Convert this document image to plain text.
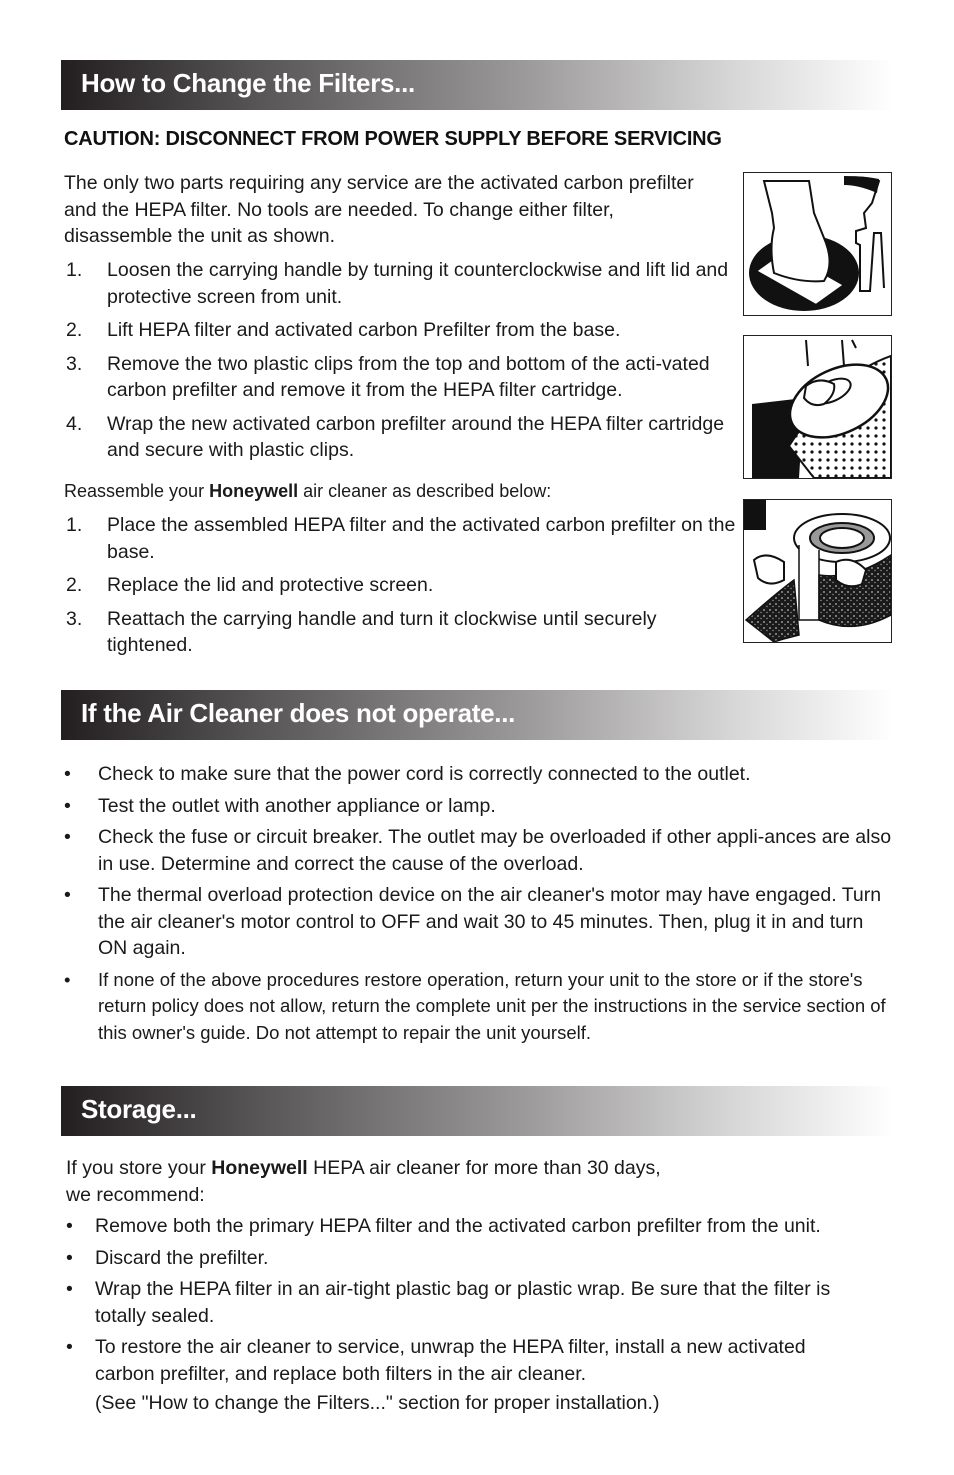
How to Change the Filters...

CAUTION: DISCONNECT FROM POWER SUPPLY BEFORE SERVICING

The only two parts requiring any service are the activated carbon prefilter and the HEPA filter. No tools are needed. To change either filter, disassemble the unit as shown.

1. Loosen the carrying handle by turning it counterclockwise and lift lid and protective screen from unit.
2. Lift HEPA filter and activated carbon Prefilter from the base.
3. Remove the two plastic clips from the top and bottom of the acti-vated carbon prefilter and remove it from the HEPA filter cartridge.
4. Wrap the new activated carbon prefilter around the HEPA filter cartridge and secure with plastic clips.

Reassemble your Honeywell air cleaner as described below:

1. Place the assembled HEPA filter and the activated carbon prefilter on the base.
2. Replace the lid and protective screen.
3. Reattach the carrying handle and turn it clockwise until securely tightened.
If the Air Cleaner does not operate...
• Check to make sure that the power cord is correctly connected to the outlet.
• Test the outlet with another appliance or lamp.
• Check the fuse or circuit breaker. The outlet may be overloaded if other appli-ances are also in use. Determine and correct the cause of the overload.
• The thermal overload protection device on the air cleaner's motor may have engaged. Turn the air cleaner's motor control to OFF and wait 30 to 45 minutes. Then, plug it in and turn ON again.
• If none of the above procedures restore operation, return your unit to the store or if the store's return policy does not allow, return the complete unit per the instructions in the service section of this owner's guide. Do not attempt to repair the unit yourself.
Storage...

If you store your Honeywell HEPA air cleaner for more than 30 days,
we recommend:

• Remove both the primary HEPA filter and the activated carbon prefilter from the unit.
• Discard the prefilter.
• Wrap the HEPA filter in an air-tight plastic bag or plastic wrap. Be sure that the filter is totally sealed.
• To restore the air cleaner to service, unwrap the HEPA filter, install a new activated carbon prefilter, and replace both filters in the air cleaner.

(See "How to change the Filters..." section for proper installation.)
